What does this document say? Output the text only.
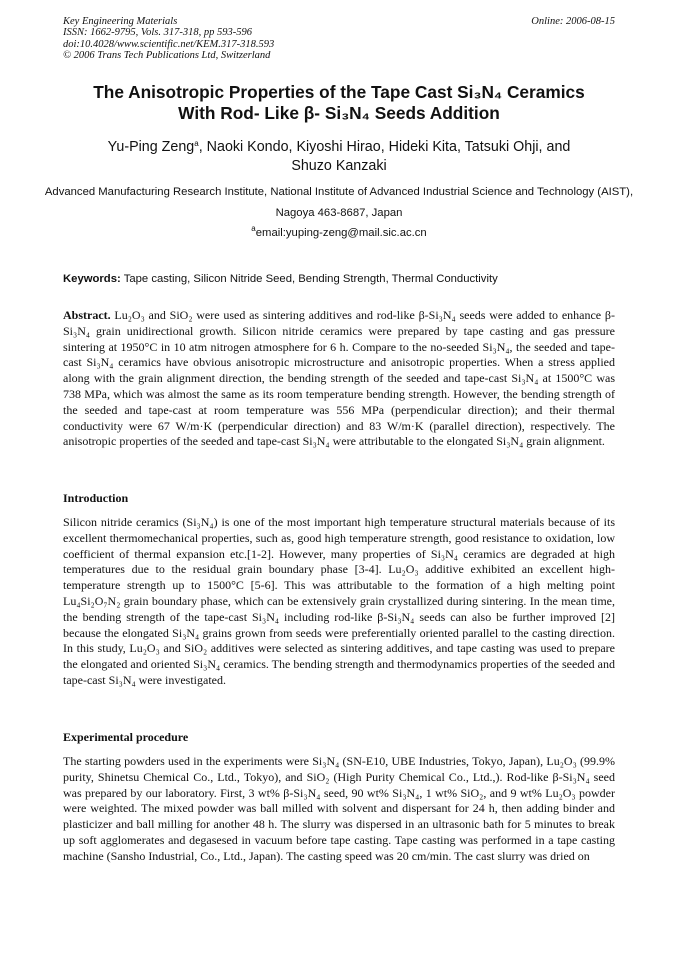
Key Engineering Materials
ISSN: 1662-9795, Vols. 317-318, pp 593-596
doi:10.4028/www.scientific.net/KEM.317-318.593
© 2006 Trans Tech Publications Ltd, Switzerland
Online: 2006-08-15
The Anisotropic Properties of the Tape Cast Si₃N₄ Ceramics
With Rod- Like β- Si₃N₄ Seeds Addition
Yu-Ping Zeng$^a$, Naoki Kondo, Kiyoshi Hirao, Hideki Kita, Tatsuki Ohji, and
Shuzo Kanzaki
Advanced Manufacturing Research Institute, National Institute of Advanced Industrial Science and Technology (AIST), Nagoya 463-8687, Japan
$^a$email:yuping-zeng@mail.sic.ac.cn
Keywords: Tape casting, Silicon Nitride Seed, Bending Strength, Thermal Conductivity
Abstract. Lu₂O₃ and SiO₂ were used as sintering additives and rod-like β-Si₃N₄ seeds were added to enhance β-Si₃N₄ grain unidirectional growth. Silicon nitride ceramics were prepared by tape casting and gas pressure sintering at 1950°C in 10 atm nitrogen atmosphere for 6 h. Compare to the no-seeded Si₃N₄, the seeded and tape-cast Si₃N₄ ceramics have obvious anisotropic microstructure and anisotropic properties. When a stress applied along with the grain alignment direction, the bending strength of the seeded and tape-cast Si₃N₄ at 1500°C was 738 MPa, which was almost the same as its room temperature bending strength. However, the bending strength of the seeded and tape-cast at room temperature was 556 MPa (perpendicular direction); and their thermal conductivity were 67 W/m·K (perpendicular direction) and 83 W/m·K (parallel direction), respectively. The anisotropic properties of the seeded and tape-cast Si₃N₄ were attributable to the elongated Si₃N₄ grain alignment.
Introduction
Silicon nitride ceramics (Si₃N₄) is one of the most important high temperature structural materials because of its excellent thermomechanical properties, such as, good high temperature strength, good resistance to oxidation, low coefficient of thermal expansion etc.[1-2]. However, many properties of Si₃N₄ ceramics are degraded at high temperatures due to the residual grain boundary phase [3-4]. Lu₂O₃ additive exhibited an excellent high-temperature strength up to 1500°C [5-6]. This was attributable to the formation of a high melting point Lu₄Si₂O₇N₂ grain boundary phase, which can be extensively grain crystallized during sintering. In the mean time, the bending strength of the tape-cast Si₃N₄ including rod-like β-Si₃N₄ seeds can also be further improved [2] because the elongated Si₃N₄ grains grown from seeds were preferentially oriented parallel to the casting direction. In this study, Lu₂O₃ and SiO₂ additives were selected as sintering additives, and tape casting was used to prepare the elongated and oriented Si₃N₄ ceramics. The bending strength and thermodynamics properties of the seeded and tape-cast Si₃N₄ were investigated.
Experimental procedure
The starting powders used in the experiments were Si₃N₄ (SN-E10, UBE Industries, Tokyo, Japan), Lu₂O₃ (99.9% purity, Shinetsu Chemical Co., Ltd., Tokyo), and SiO₂ (High Purity Chemical Co., Ltd.,). Rod-like β-Si₃N₄ seed was prepared by our laboratory. First, 3 wt% β-Si₃N₄ seed, 90 wt% Si₃N₄, 1 wt% SiO₂, and 9 wt% Lu₂O₃ powder were weighted. The mixed powder was ball milled with solvent and dispersant for 24 h, then adding binder and plasticizer and ball milling for another 48 h. The slurry was dispersed in an ultrasonic bath for 5 minutes to break up soft agglomerates and degasesed in vacuum before tape casting. Tape casting was performed in a tape casting machine (Sansho Industrial, Co., Ltd., Japan). The casting speed was 20 cm/min. The cast slurry was dried on
